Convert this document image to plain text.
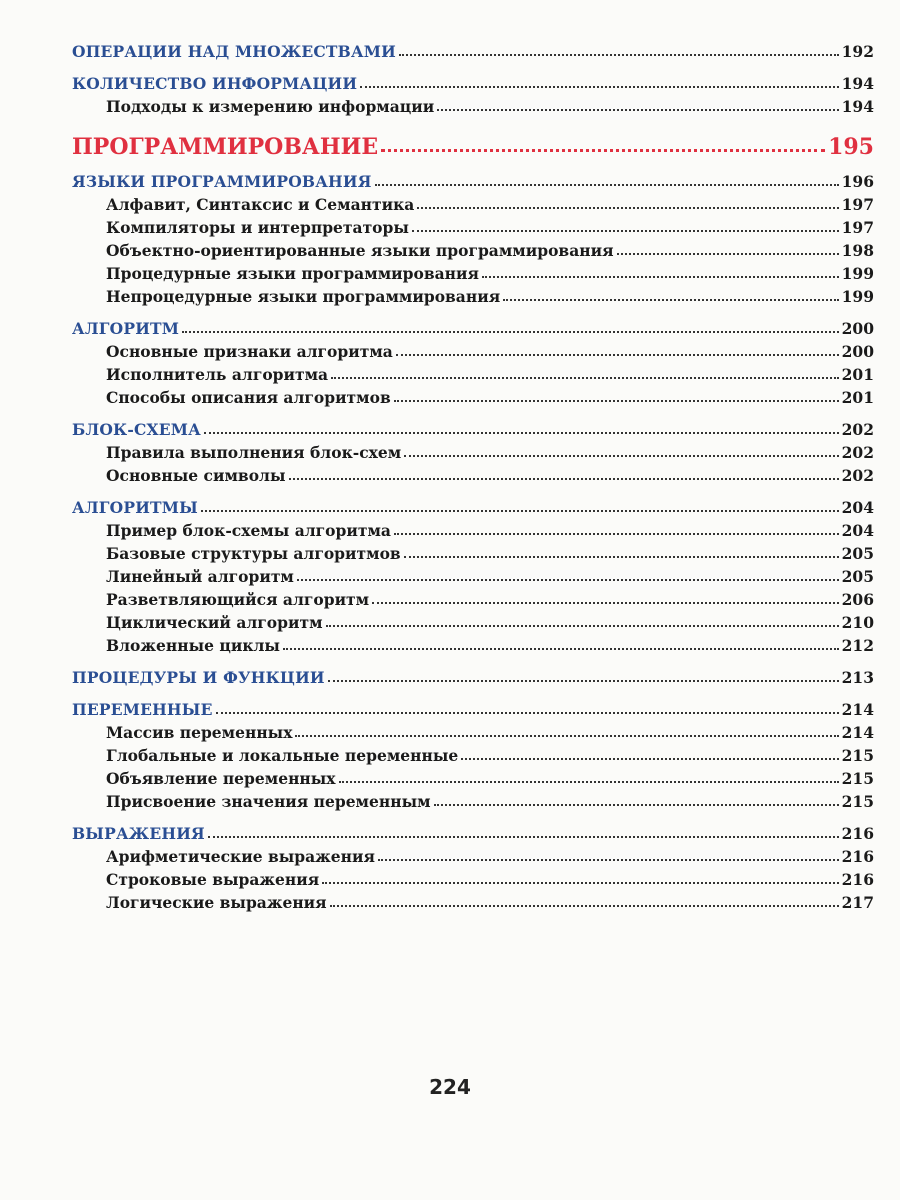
ОПЕРАЦИИ НАД МНОЖЕСТВАМИ	192
КОЛИЧЕСТВО ИНФОРМАЦИИ	194
Подходы к измерению информации	194
ПРОГРАММИРОВАНИЕ	195
ЯЗЫКИ ПРОГРАММИРОВАНИЯ	196
Алфавит, Синтаксис и Семантика	197
Компиляторы и интерпретаторы	197
Объектно-ориентированные языки программирования	198
Процедурные языки программирования	199
Непроцедурные языки программирования	199
АЛГОРИТМ	200
Основные признаки алгоритма	200
Исполнитель алгоритма	201
Способы описания алгоритмов	201
БЛОК-СХЕМА	202
Правила выполнения блок-схем	202
Основные символы	202
АЛГОРИТМЫ	204
Пример блок-схемы алгоритма	204
Базовые структуры алгоритмов	205
Линейный алгоритм	205
Разветвляющийся алгоритм	206
Циклический алгоритм	210
Вложенные циклы	212
ПРОЦЕДУРЫ И ФУНКЦИИ	213
ПЕРЕМЕННЫЕ	214
Массив переменных	214
Глобальные и локальные переменные	215
Объявление переменных	215
Присвоение значения переменным	215
ВЫРАЖЕНИЯ	216
Арифметические выражения	216
Строковые выражения	216
Логические выражения	217
224
